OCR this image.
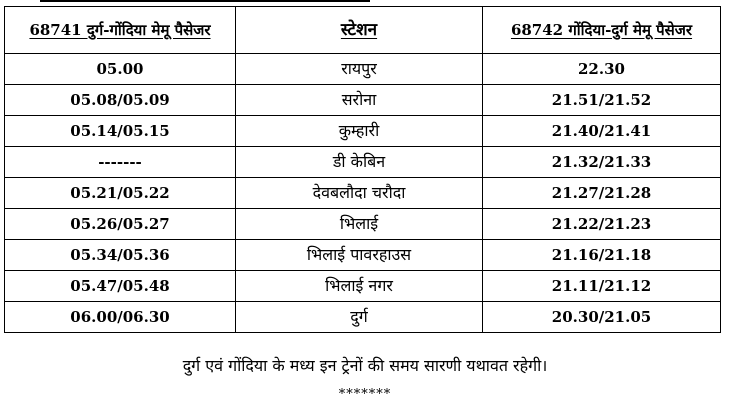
68741 दुर्ग-गोंदिया मेमू पैसेजर	स्टेशन	68742 गोंदिया-दुर्ग मेमू पैसेजर
05.00	रायपुर	22.30
05.08/05.09	सरोना	21.51/21.52
05.14/05.15	कुम्हारी	21.40/21.41
-------	डी केबिन	21.32/21.33
05.21/05.22	देवबलौदा चरौदा	21.27/21.28
05.26/05.27	भिलाई	21.22/21.23
05.34/05.36	भिलाई पावरहाउस	21.16/21.18
05.47/05.48	भिलाई नगर	21.11/21.12
06.00/06.30	दुर्ग	20.30/21.05
दुर्ग एवं गोंदिया के मध्य इन ट्रेनों की समय सारणी यथावत रहेगी।
*******
